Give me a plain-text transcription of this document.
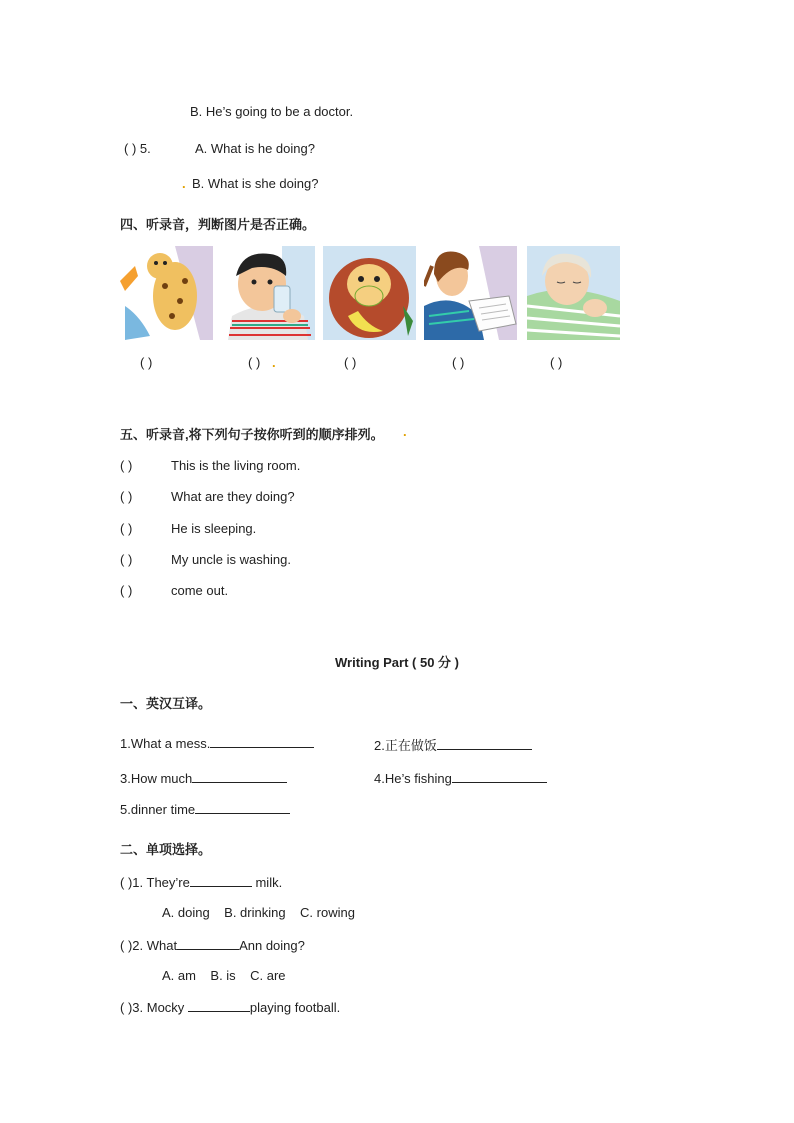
B. He’s going to be a doctor.
( ) 5.	A. What is he doing?
. B. What is she doing?
四、听录音，判断图片是否正确。
( )	( ) .	( )	( )	( )
五、听录音,将下列句子按你听到的顺序排列。 .
( )	This is the living room.
( )	What are they doing?
( )	He is sleeping.
( )	My uncle is washing.
( )	come out.
Writing Part ( 50 分 )
一、英汉互译。
1.What a mess.	2.正在做饭
3.How much	4.He’s fishing
5.dinner time
二、单项选择。
( )1. They’re	milk.
A. doing    B. drinking    C. rowing
( )2. What	Ann doing?
A. am    B. is    C. are
( )3. Mocky	playing football.
